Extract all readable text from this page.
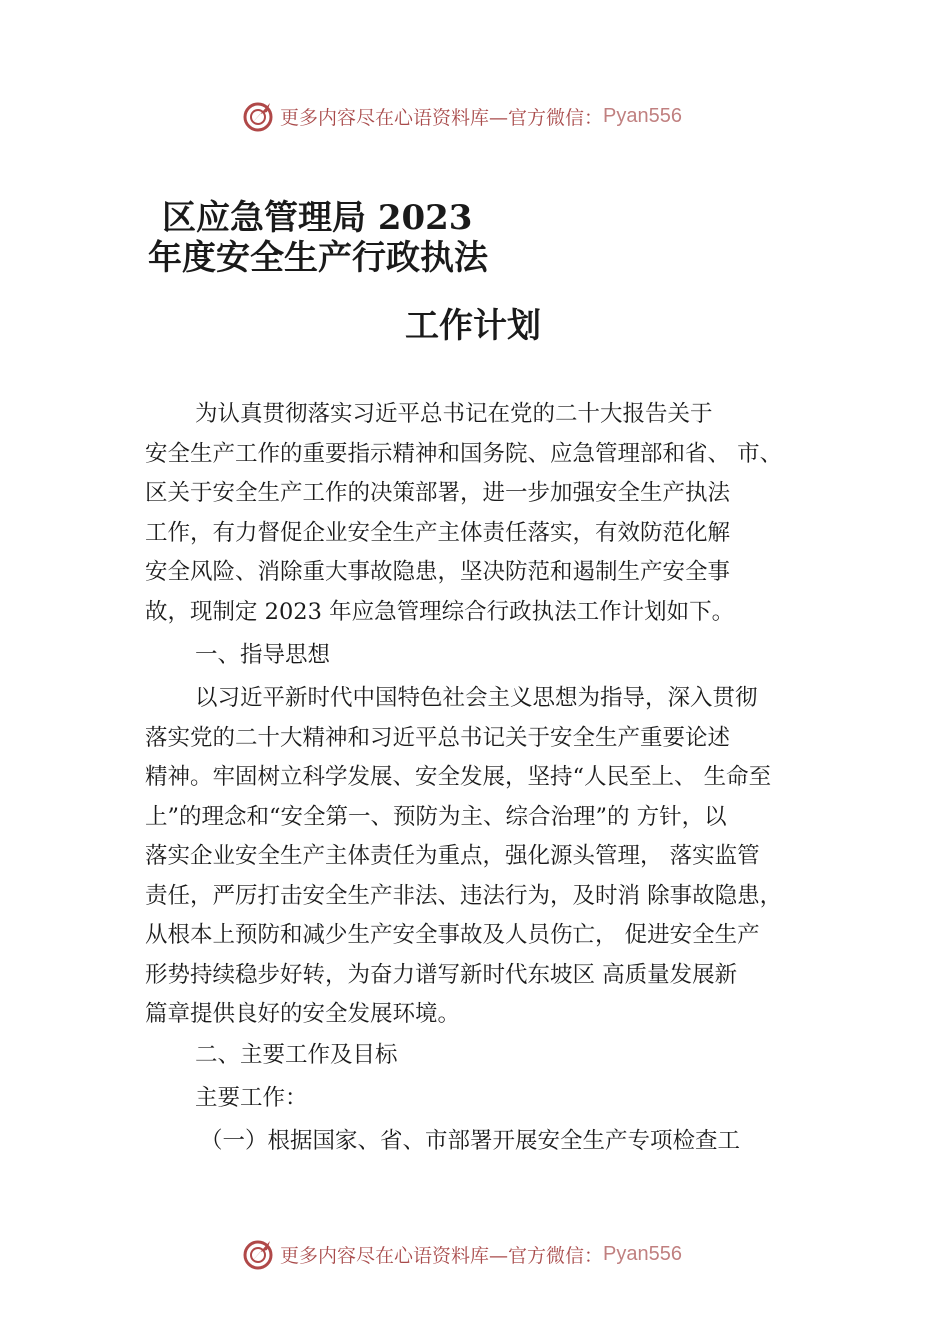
更多内容尽在心语资料库—官方微信： Pyan556
区应急管理局 2023
年度安全生产行政执法
工作计划
为认真贯彻落实习近平总书记在党的二十大报告关于
安全生产工作的重要指示精神和国务院、应急管理部和省、 市、
区关于安全生产工作的决策部署，进一步加强安全生产执法
工作，有力督促企业安全生产主体责任落实，有效防范化解
安全风险、消除重大事故隐患，坚决防范和遏制生产安全事
故，现制定 2023 年应急管理综合行政执法工作计划如下。
一、指导思想
以习近平新时代中国特色社会主义思想为指导，深入贯彻
落实党的二十大精神和习近平总书记关于安全生产重要论述
精神。牢固树立科学发展、安全发展，坚持“人民至上、 生命至
上”的理念和“安全第一、预防为主、综合治理”的 方针，以
落实企业安全生产主体责任为重点，强化源头管理， 落实监管
责任，严厉打击安全生产非法、违法行为，及时消 除事故隐患，
从根本上预防和减少生产安全事故及人员伤亡， 促进安全生产
形势持续稳步好转，为奋力谱写新时代东坡区 高质量发展新
篇章提供良好的安全发展环境。
二、主要工作及目标
主要工作：
（一）根据国家、省、市部署开展安全生产专项检查工
更多内容尽在心语资料库—官方微信： Pyan556
